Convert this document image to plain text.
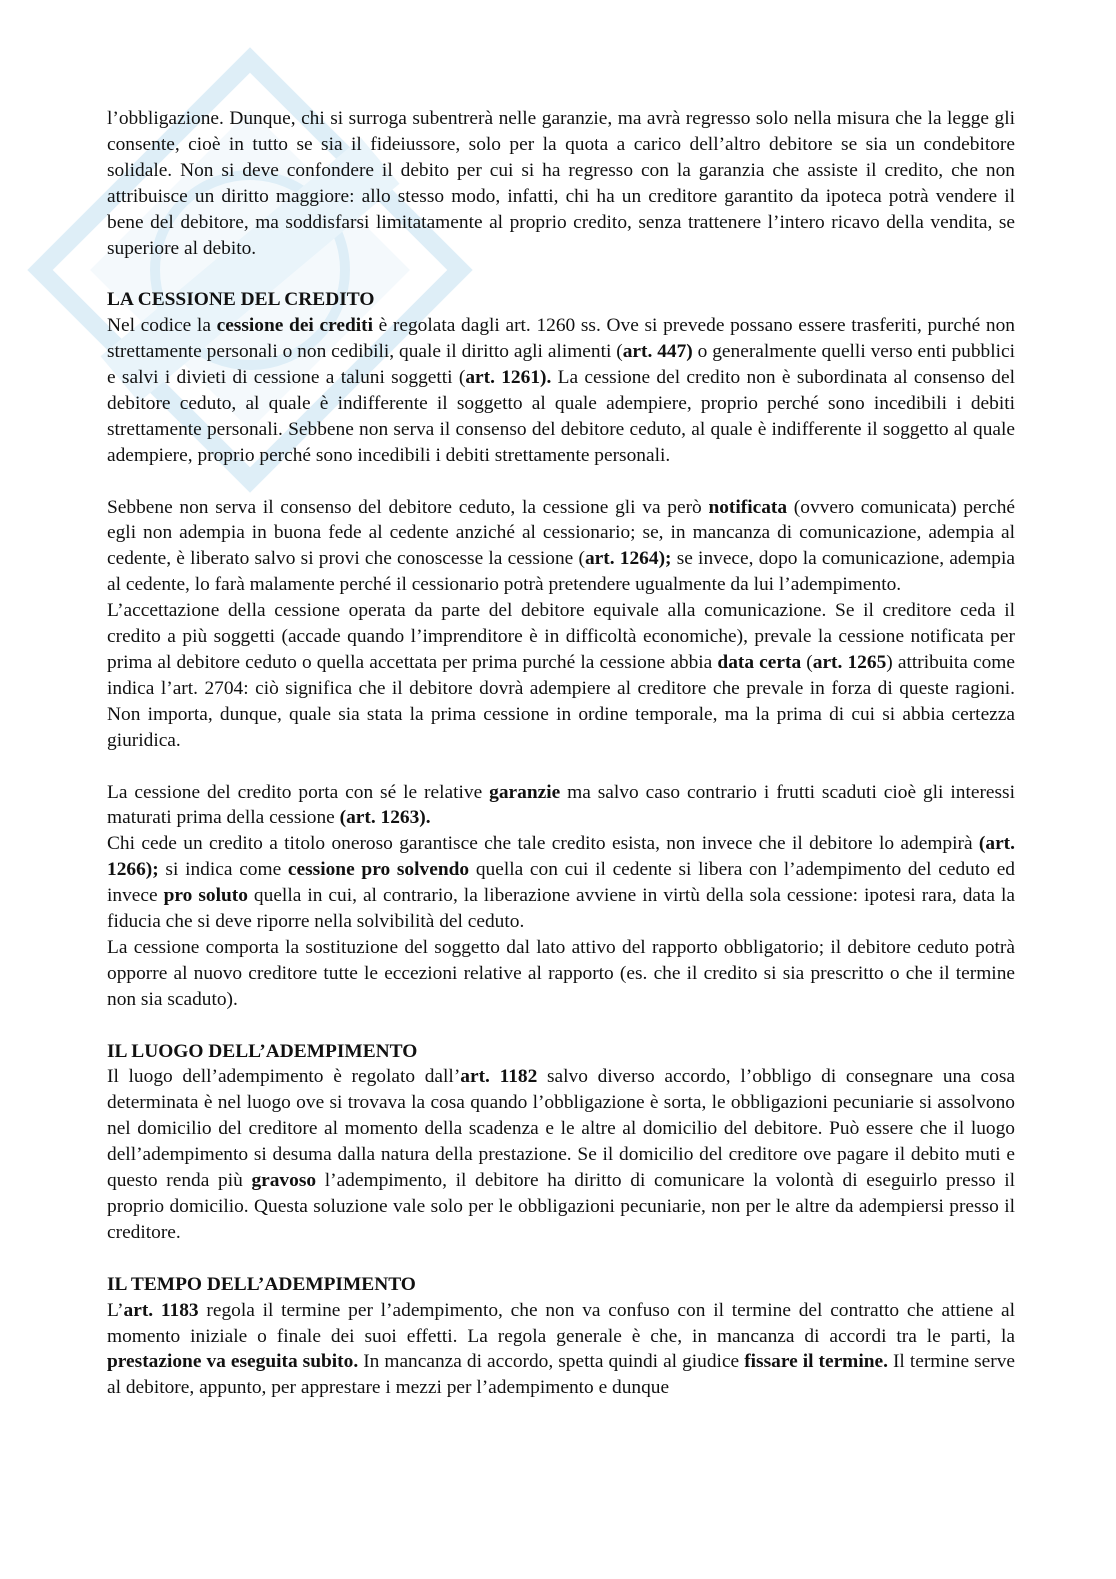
l’obbligazione. Dunque, chi si surroga subentrerà nelle garanzie, ma avrà regresso solo nella misura che la legge gli consente, cioè in tutto se sia il fideiussore, solo per la quota a carico dell’altro debitore se sia un condebitore solidale. Non si deve confondere il debito per cui si ha regresso con la garanzia che assiste il credito, che non attribuisce un diritto maggiore: allo stesso modo, infatti, chi ha un creditore garantito da ipoteca potrà vendere il bene del debitore, ma soddisfarsi limitatamente al proprio credito, senza trattenere l’intero ricavo della vendita, se superiore al debito.

LA CESSIONE DEL CREDITO

Nel codice la cessione dei crediti è regolata dagli art. 1260 ss. Ove si prevede possano essere trasferiti, purché non strettamente personali o non cedibili, quale il diritto agli alimenti (art. 447) o generalmente quelli verso enti pubblici e salvi i divieti di cessione a taluni soggetti (art. 1261). La cessione del credito non è subordinata al consenso del debitore ceduto, al quale è indifferente il soggetto al quale adempiere, proprio perché sono incedibili i debiti strettamente personali. Sebbene non serva il consenso del debitore ceduto, al quale è indifferente il soggetto al quale adempiere, proprio perché sono incedibili i debiti strettamente personali.

Sebbene non serva il consenso del debitore ceduto, la cessione gli va però notificata (ovvero comunicata) perché egli non adempia in buona fede al cedente anziché al cessionario; se, in mancanza di comunicazione, adempia al cedente, è liberato salvo si provi che conoscesse la cessione (art. 1264); se invece, dopo la comunicazione, adempia al cedente, lo farà malamente perché il cessionario potrà pretendere ugualmente da lui l’adempimento.

L’accettazione della cessione operata da parte del debitore equivale alla comunicazione. Se il creditore ceda il credito a più soggetti (accade quando l’imprenditore è in difficoltà economiche), prevale la cessione notificata per prima al debitore ceduto o quella accettata per prima purché la cessione abbia data certa (art. 1265) attribuita come indica l’art. 2704: ciò significa che il debitore dovrà adempiere al creditore che prevale in forza di queste ragioni. Non importa, dunque, quale sia stata la prima cessione in ordine temporale, ma la prima di cui si abbia certezza giuridica.

La cessione del credito porta con sé le relative garanzie ma salvo caso contrario i frutti scaduti cioè gli interessi maturati prima della cessione (art. 1263).

Chi cede un credito a titolo oneroso garantisce che tale credito esista, non invece che il debitore lo adempirà (art. 1266); si indica come cessione pro solvendo quella con cui il cedente si libera con l’adempimento del ceduto ed invece pro soluto quella in cui, al contrario, la liberazione avviene in virtù della sola cessione: ipotesi rara, data la fiducia che si deve riporre nella solvibilità del ceduto.

La cessione comporta la sostituzione del soggetto dal lato attivo del rapporto obbligatorio; il debitore ceduto potrà opporre al nuovo creditore tutte le eccezioni relative al rapporto (es. che il credito si sia prescritto o che il termine non sia scaduto).

IL LUOGO DELL’ADEMPIMENTO

Il luogo dell’adempimento è regolato dall’art. 1182 salvo diverso accordo, l’obbligo di consegnare una cosa determinata è nel luogo ove si trovava la cosa quando l’obbligazione è sorta, le obbligazioni pecuniarie si assolvono nel domicilio del creditore al momento della scadenza e le altre al domicilio del debitore. Può essere che il luogo dell’adempimento si desuma dalla natura della prestazione. Se il domicilio del creditore ove pagare il debito muti e questo renda più gravoso l’adempimento, il debitore ha diritto di comunicare la volontà di eseguirlo presso il proprio domicilio. Questa soluzione vale solo per le obbligazioni pecuniarie, non per le altre da adempiersi presso il creditore.

IL TEMPO DELL’ADEMPIMENTO

L’art. 1183 regola il termine per l’adempimento, che non va confuso con il termine del contratto che attiene al momento iniziale o finale dei suoi effetti. La regola generale è che, in mancanza di accordi tra le parti, la prestazione va eseguita subito. In mancanza di accordo, spetta quindi al giudice fissare il termine. Il termine serve al debitore, appunto, per apprestare i mezzi per l’adempimento e dunque
